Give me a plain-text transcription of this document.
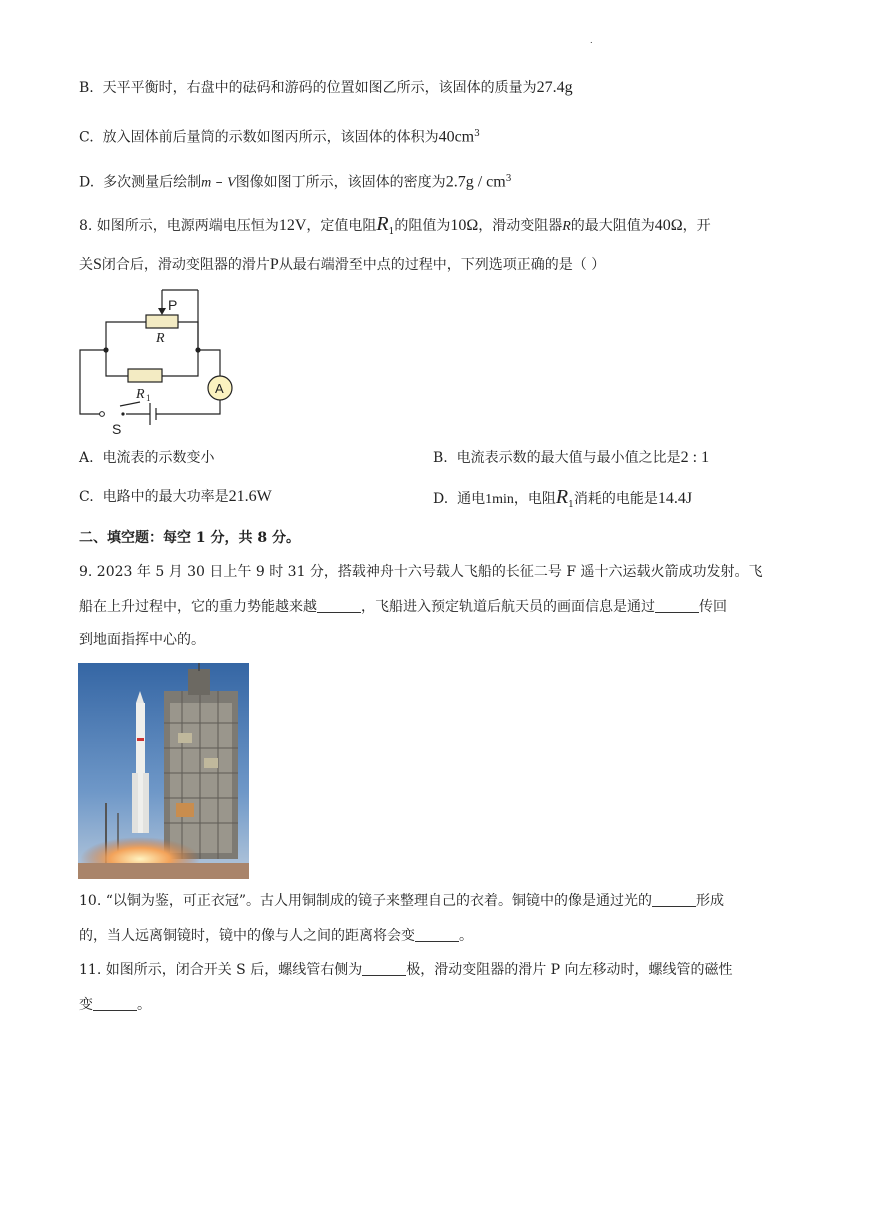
.
B. 天平平衡时，右盘中的砝码和游码的位置如图乙所示，该固体的质量为27.4g
C. 放入固体前后量筒的示数如图丙所示，该固体的体积为$40cm^3$
D. 多次测量后绘制m – V图像如图丁所示，该固体的密度为$2.7g / cm^3$
8. 如图所示，电源两端电压恒为12V，定值电阻$R_1$的阻值为10Ω，滑动变阻器R的最大阻值为40Ω，开
关S闭合后，滑动变阻器的滑片P从最右端滑至中点的过程中，下列选项正确的是（ ）
P
R
R 1
A
S
A. 电流表的示数变小	B. 电流表示数的最大值与最小值之比是2 : 1
C. 电路中的最大功率是21.6W	D. 通电1min，电阻$R_1$消耗的电能是14.4J
二、填空题：每空 1 分，共 8 分。
9. 2023 年 5 月 30 日上午 9 时 31 分，搭载神舟十六号载人飞船的长征二号 F 遥十六运载火箭成功发射。飞
船在上升过程中，它的重力势能越来越	，飞船进入预定轨道后航天员的画面信息是通过	传回
到地面指挥中心的。
10. “以铜为鉴，可正衣冠”。古人用铜制成的镜子来整理自己的衣着。铜镜中的像是通过光的	形成
的，当人远离铜镜时，镜中的像与人之间的距离将会变	。
11. 如图所示，闭合开关 S 后，螺线管右侧为	极，滑动变阻器的滑片 P 向左移动时，螺线管的磁性
变	。
